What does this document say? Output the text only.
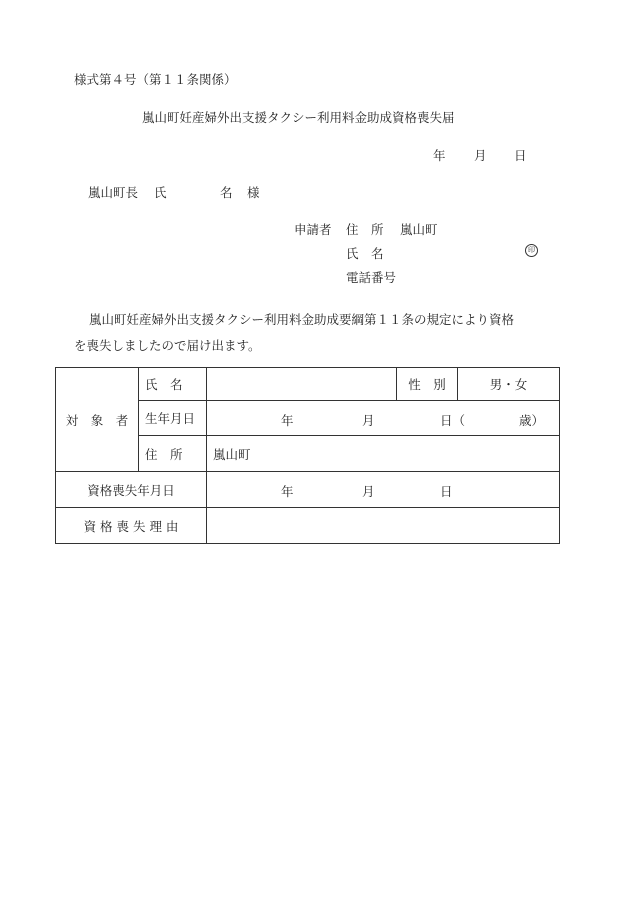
様式第４号（第１１条関係）
嵐山町妊産婦外出支援タクシー利用料金助成資格喪失届
年 月 日
嵐山町長 氏	名 様
申請者 住　所 嵐山町
氏　名	印
電話番号
嵐山町妊産婦外出支援タクシー利用料金助成要綱第１１条の規定により資格
を喪失しましたので届け出ます。
対　象　者	氏　名		性　別	男・女
	生年月日	年 月 日（ 歳）		

	住　所	嵐山町		
資格喪失年月日		年 月 日		

資 格 喪 失 理 由				
